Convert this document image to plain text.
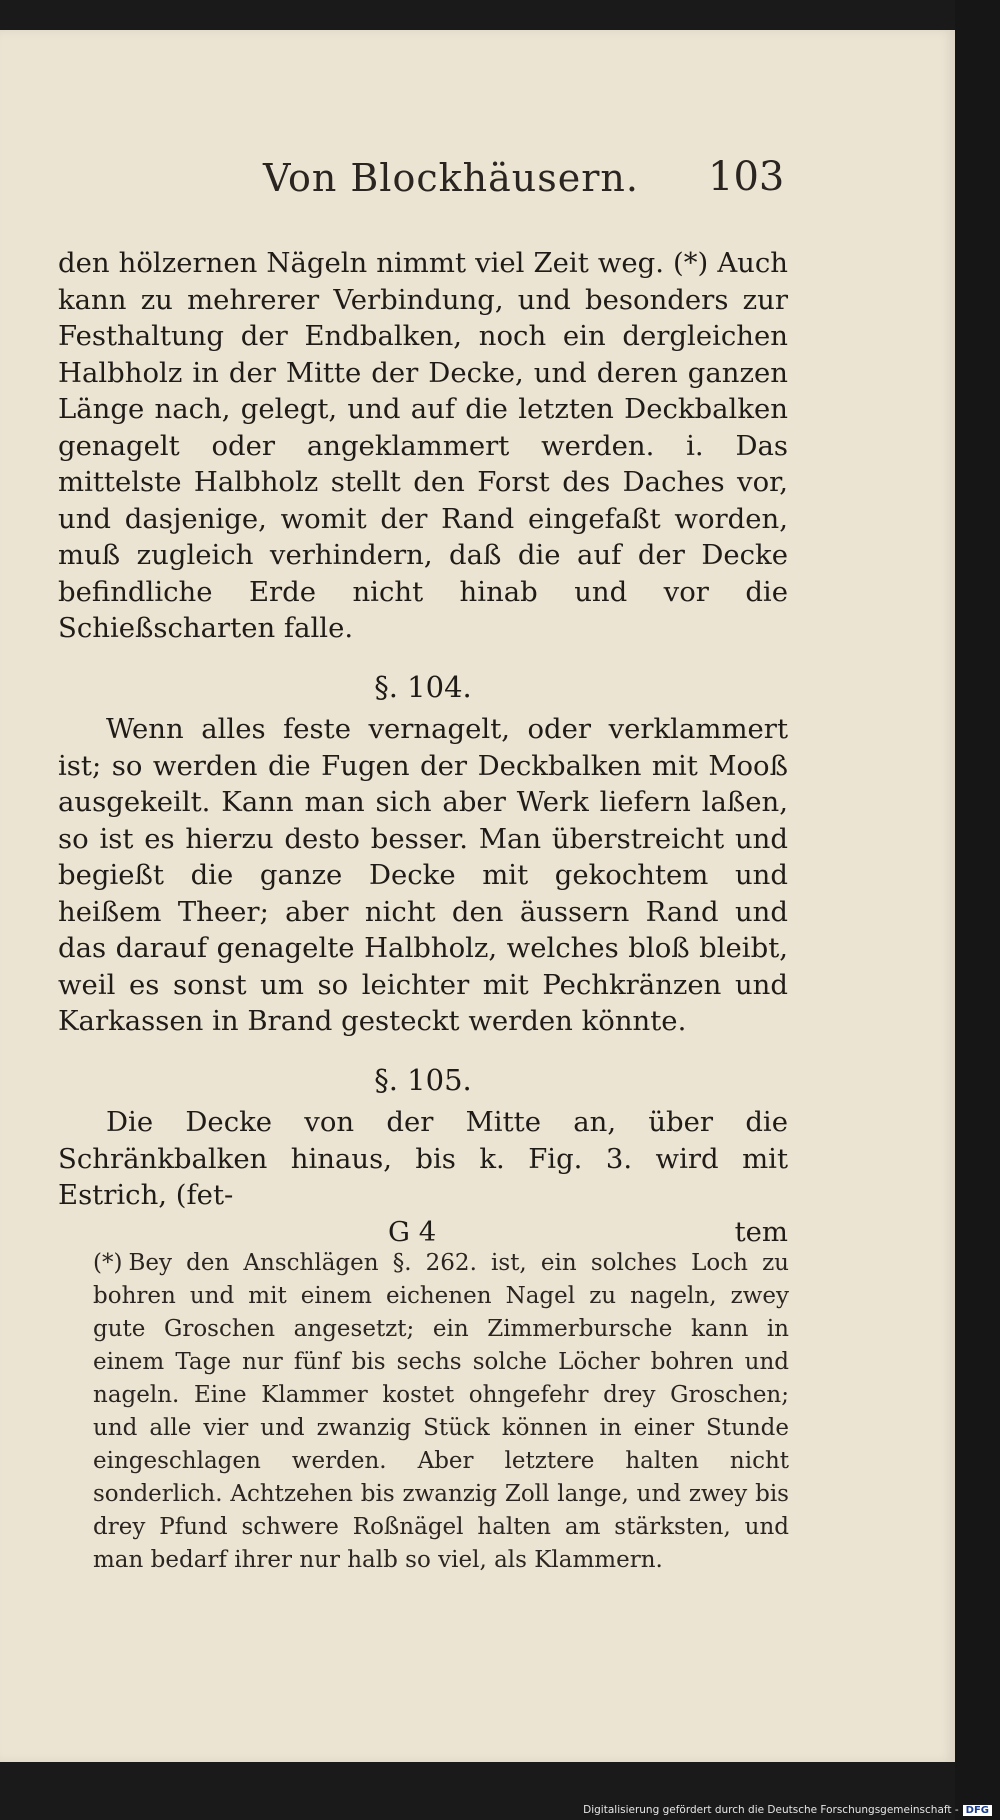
Von Blockhäusern. 103

den hölzernen Nägeln nimmt viel Zeit weg. (*) Auch kann zu mehrerer Verbindung, und besonders zur Festhaltung der Endbalken, noch ein dergleichen Halbholz in der Mitte der Decke, und deren ganzen Länge nach, gelegt, und auf die letzten Deckbalken genagelt oder angeklammert werden. i. Das mittelste Halbholz stellt den Forst des Daches vor, und dasjenige, womit der Rand eingefaßt worden, muß zugleich verhindern, daß die auf der Decke befindliche Erde nicht hinab und vor die Schießscharten falle.

§. 104.

Wenn alles feste vernagelt, oder verklammert ist; so werden die Fugen der Deckbalken mit Mooß ausgekeilt. Kann man sich aber Werk liefern laßen, so ist es hierzu desto besser. Man überstreicht und begießt die ganze Decke mit gekochtem und heißem Theer; aber nicht den äussern Rand und das darauf genagelte Halbholz, welches bloß bleibt, weil es sonst um so leichter mit Pechkränzen und Karkassen in Brand gesteckt werden könnte.

§. 105.

Die Decke von der Mitte an, über die Schränkbalken hinaus, bis k. Fig. 3. wird mit Estrich, (fet-

G 4	tem
(*) Bey den Anschlägen §. 262. ist, ein solches Loch zu bohren und mit einem eichenen Nagel zu nageln, zwey gute Groschen angesetzt; ein Zimmerbursche kann in einem Tage nur fünf bis sechs solche Löcher bohren und nageln. Eine Klammer kostet ohngefehr drey Groschen; und alle vier und zwanzig Stück können in einer Stunde eingeschlagen werden. Aber letztere halten nicht sonderlich. Achtzehen bis zwanzig Zoll lange, und zwey bis drey Pfund schwere Roßnägel halten am stärksten, und man bedarf ihrer nur halb so viel, als Klammern.
Digitalisierung gefördert durch die Deutsche Forschungsgemeinschaft - DFG
